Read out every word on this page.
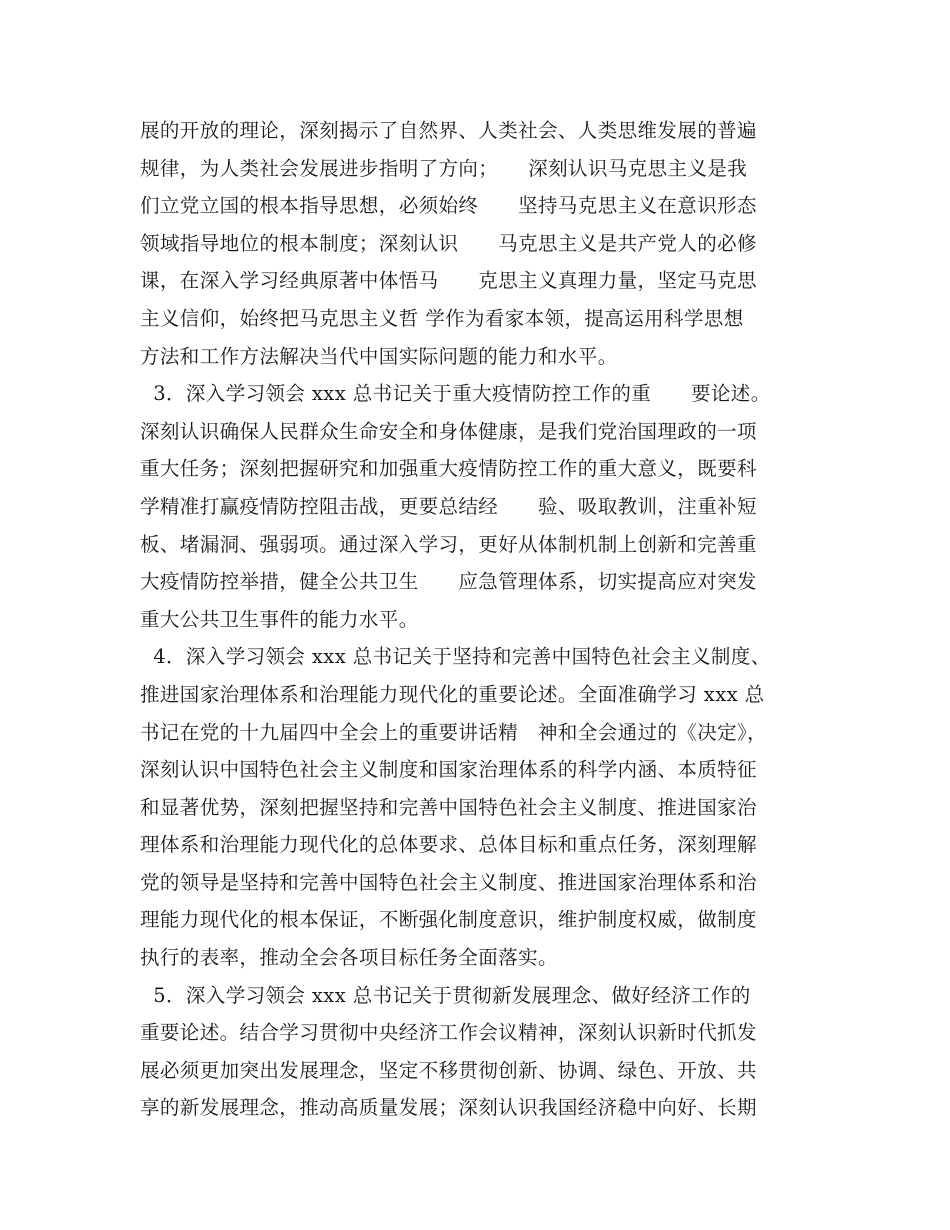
展的开放的理论，深刻揭示了自然界、人类社会、人类思维发展的普遍
规律，为人类社会发展进步指明了方向；　　深刻认识马克思主义是我
们立党立国的根本指导思想，必须始终　　坚持马克思主义在意识形态
领域指导地位的根本制度；深刻认识　　马克思主义是共产党人的必修
课，在深入学习经典原著中体悟马　　克思主义真理力量，坚定马克思
主义信仰，始终把马克思主义哲 学作为看家本领，提高运用科学思想
方法和工作方法解决当代中国实际问题的能力和水平。
3．深入学习领会 xxx 总书记关于重大疫情防控工作的重　　要论述。
深刻认识确保人民群众生命安全和身体健康，是我们党治国理政的一项
重大任务；深刻把握研究和加强重大疫情防控工作的重大意义，既要科
学精准打赢疫情防控阻击战，更要总结经　　验、吸取教训，注重补短
板、堵漏洞、强弱项。通过深入学习，更好从体制机制上创新和完善重
大疫情防控举措，健全公共卫生　　应急管理体系，切实提高应对突发
重大公共卫生事件的能力水平。
4．深入学习领会 xxx 总书记关于坚持和完善中国特色社会主义制度、
推进国家治理体系和治理能力现代化的重要论述。全面准确学习 xxx 总
书记在党的十九届四中全会上的重要讲话精　神和全会通过的《决定》，
深刻认识中国特色社会主义制度和国家治理体系的科学内涵、本质特征
和显著优势，深刻把握坚持和完善中国特色社会主义制度、推进国家治
理体系和治理能力现代化的总体要求、总体目标和重点任务，深刻理解
党的领导是坚持和完善中国特色社会主义制度、推进国家治理体系和治
理能力现代化的根本保证，不断强化制度意识，维护制度权威，做制度
执行的表率，推动全会各项目标任务全面落实。
5．深入学习领会 xxx 总书记关于贯彻新发展理念、做好经济工作的
重要论述。结合学习贯彻中央经济工作会议精神，深刻认识新时代抓发
展必须更加突出发展理念，坚定不移贯彻创新、协调、绿色、开放、共
享的新发展理念，推动高质量发展；深刻认识我国经济稳中向好、长期
